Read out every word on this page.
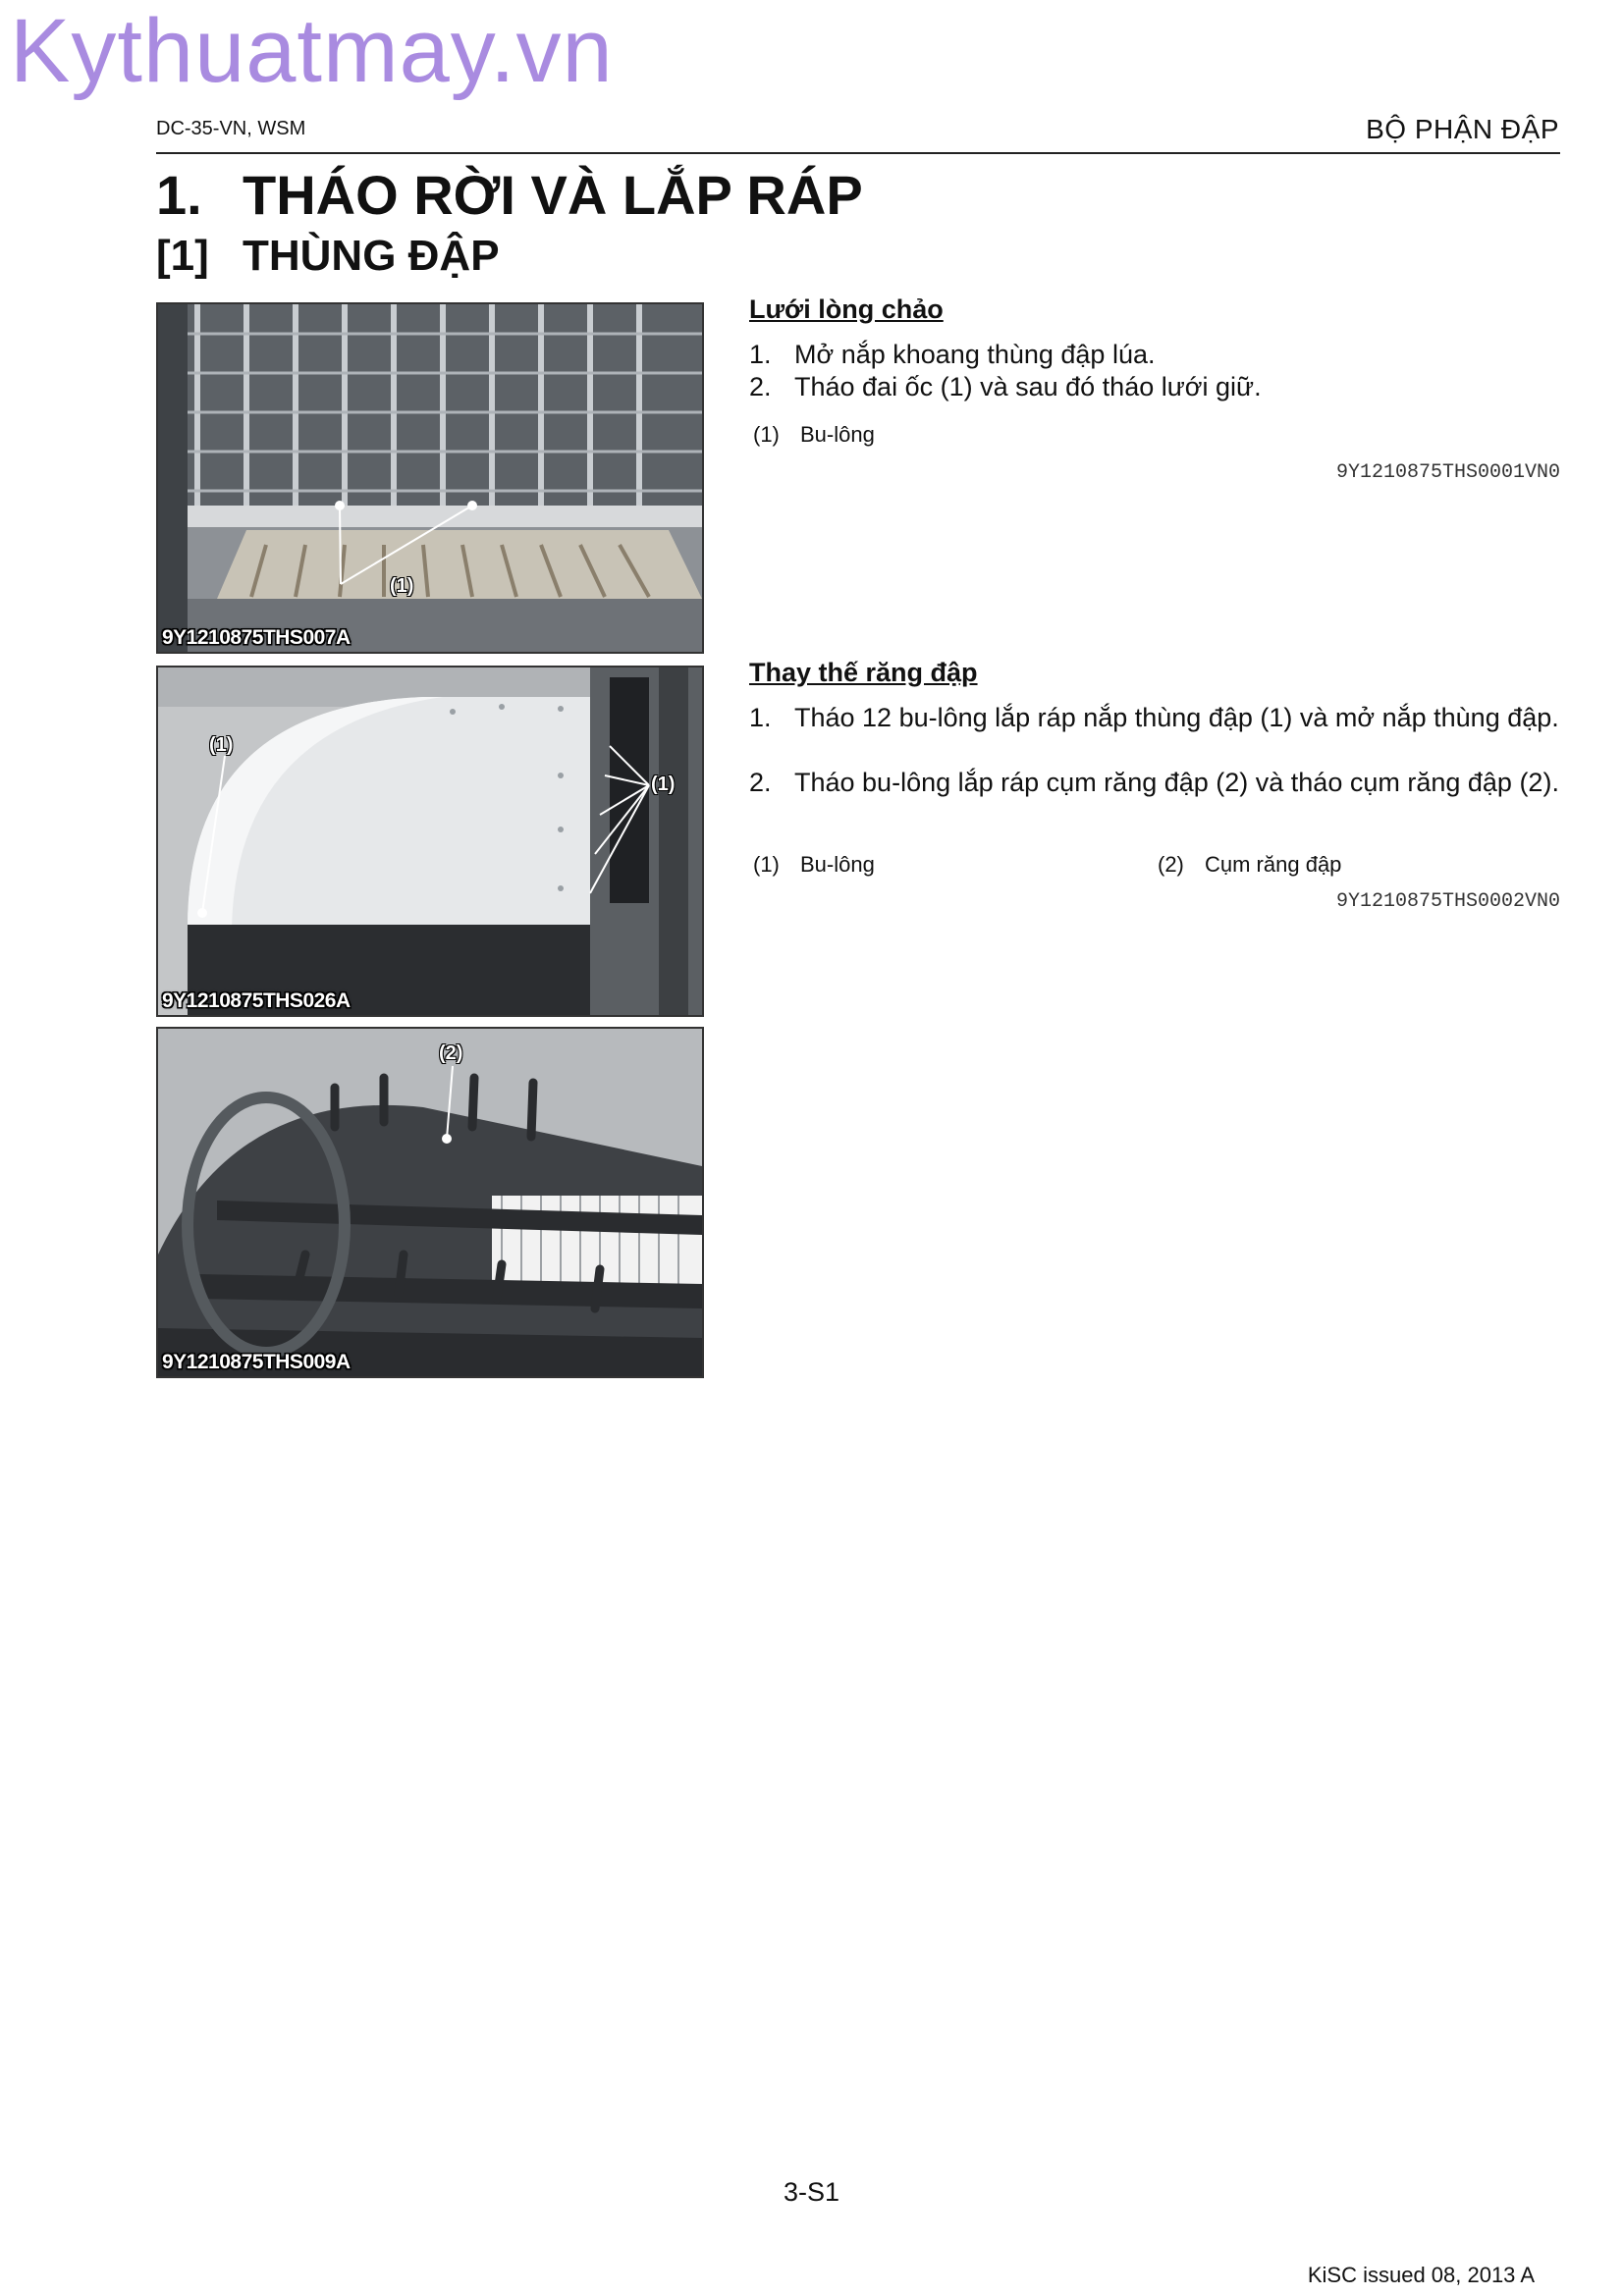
Kythuatmay.vn
DC-35-VN, WSM	BỘ PHẬN ĐẬP
1. THÁO RỜI VÀ LẮP RÁP
[1] THÙNG ĐẬP
(1)
9Y1210875THS007A
(1)
(1)
9Y1210875THS026A
(2)
9Y1210875THS009A
Lưới lòng chảo
1. Mở nắp khoang thùng đập lúa.
2. Tháo đai ốc (1) và sau đó tháo lưới giữ.
(1) Bu-lông
9Y1210875THS0001VN0
Thay thế răng đập
1. Tháo 12 bu-lông lắp ráp nắp thùng đập (1) và mở nắp thùng đập.
2. Tháo bu-lông lắp ráp cụm răng đập (2) và tháo cụm răng đập (2).
(1) Bu-lông	(2) Cụm răng đập
9Y1210875THS0002VN0
3-S1
KiSC issued 08, 2013 A
